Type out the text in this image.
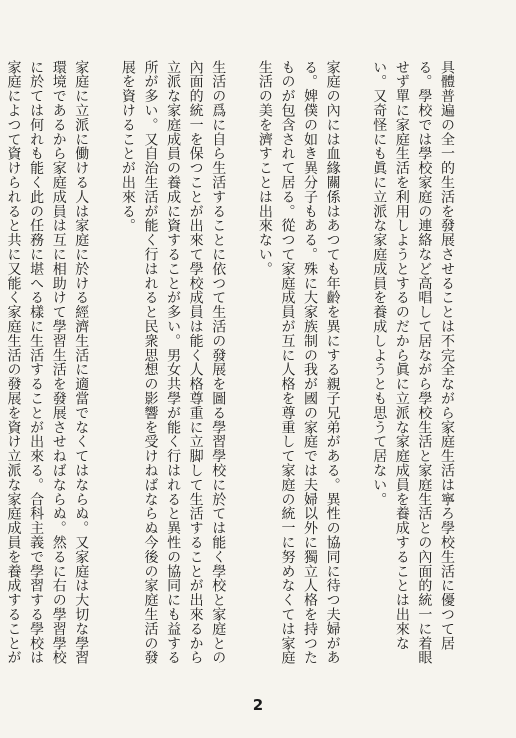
具體普遍の全一的生活を發展させることは不完全ながら家庭生活は寧ろ學校生活に優つて居る。學校では學校家庭の連絡など高唱して居ながら學校生活と家庭生活との內面的統一に着眼せず單に家庭生活を利用しようとするのだから眞に立派な家庭成員を養成することは出來ない。又奇怪にも眞に立派な家庭成員を養成しようとも思うて居ない。

家庭の內には血緣關係はあつても年齡を異にする親子兄弟がある。異性の協同に待つ夫婦がある。婢僕の如き異分子もある。殊に大家族制の我が國の家庭では夫婦以外に獨立人格を持つたものが包含されて居る。從つて家庭成員が互に人格を尊重して家庭の統一に努めなくては家庭生活の美を濟すことは出來ない。

生活の爲に自ら生活することに依つて生活の發展を圖る學習學校に於ては能く學校と家庭との內面的統一を保つことが出來て學校成員は能く人格尊重に立脚して生活することが出來るから立派な家庭成員の養成に資することが多い。男女共學が能く行はれると異性の協同にも益する所が多い。又自治生活が能く行はれると民衆思想の影響を受けねばならぬ今後の家庭生活の發展を資けることが出來る。

家庭に立派に働ける人は家庭に於ける經濟生活に適當でなくてはならぬ。又家庭は大切な學習環境であるから家庭成員は互に相助けて學習生活を發展させねばならぬ。然るに右の學習學校に於ては何れも能く此の任務に堪へる樣に生活することが出來る。合科主義で學習する學校は家庭によつて資けられると共に又能く家庭生活の發展を資け立派な家庭成員を養成することが

2
